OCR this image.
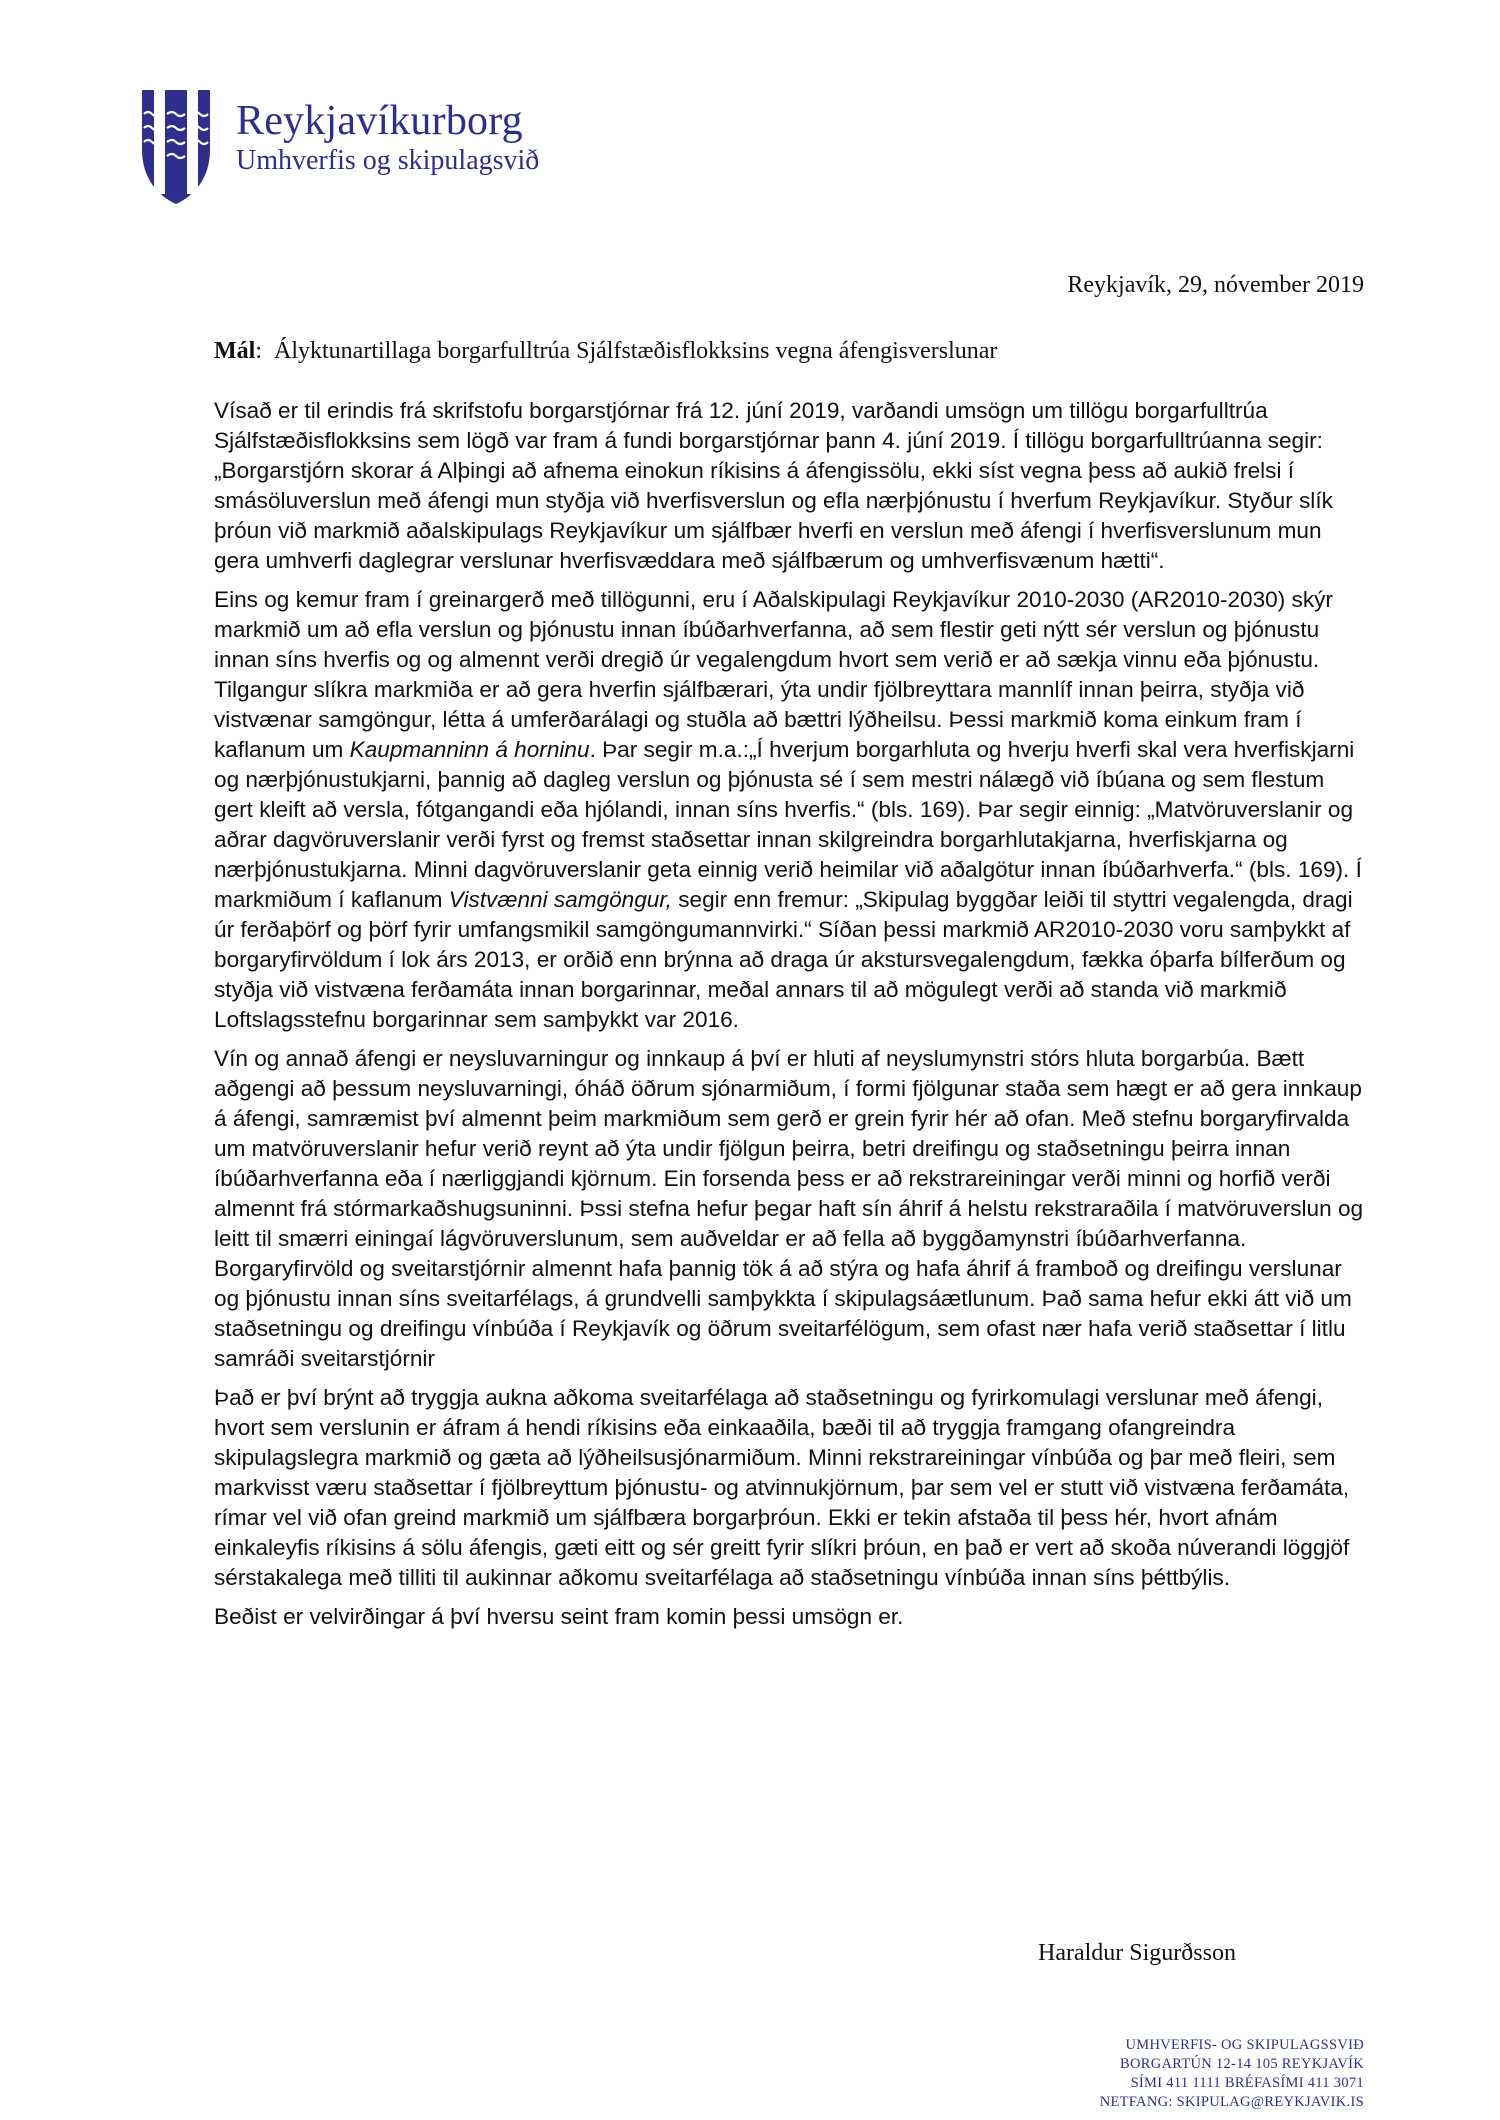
Reykjavíkurborg
Umhverfis og skipulagsvið
Reykjavík, 29, nóvember 2019
Mál: Ályktunartillaga borgarfulltrúa Sjálfstæðisflokksins vegna áfengisverslunar

Vísað er til erindis frá skrifstofu borgarstjórnar frá 12. júní 2019, varðandi umsögn um tillögu borgarfulltrúa Sjálfstæðisflokksins sem lögð var fram á fundi borgarstjórnar þann 4. júní 2019. Í tillögu borgarfulltrúanna segir: „Borgarstjórn skorar á Alþingi að afnema einokun ríkisins á áfengissölu, ekki síst vegna þess að aukið frelsi í smásöluverslun með áfengi mun styðja við hverfisverslun og efla nærþjónustu í hverfum Reykjavíkur. Styður slík þróun við markmið aðalskipulags Reykjavíkur um sjálfbær hverfi en verslun með áfengi í hverfisverslunum mun gera umhverfi daglegrar verslunar hverfisvæddara með sjálfbærum og umhverfisvænum hætti“.

Eins og kemur fram í greinargerð með tillögunni, eru í Aðalskipulagi Reykjavíkur 2010-2030 (AR2010-2030) skýr markmið um að efla verslun og þjónustu innan íbúðarhverfanna, að sem flestir geti nýtt sér verslun og þjónustu innan síns hverfis og og almennt verði dregið úr vegalengdum hvort sem verið er að sækja vinnu eða þjónustu. Tilgangur slíkra markmiða er að gera hverfin sjálfbærari, ýta undir fjölbreyttara mannlíf innan þeirra, styðja við vistvænar samgöngur, létta á umferðarálagi og stuðla að bættri lýðheilsu. Þessi markmið koma einkum fram í kaflanum um Kaupmanninn á horninu. Þar segir m.a.:„Í hverjum borgarhluta og hverju hverfi skal vera hverfiskjarni og nærþjónustukjarni, þannig að dagleg verslun og þjónusta sé í sem mestri nálægð við íbúana og sem flestum gert kleift að versla, fótgangandi eða hjólandi, innan síns hverfis.“ (bls. 169). Þar segir einnig: „Matvöruverslanir og aðrar dagvöruverslanir verði fyrst og fremst staðsettar innan skilgreindra borgarhlutakjarna, hverfiskjarna og nærþjónustukjarna. Minni dagvöruverslanir geta einnig verið heimilar við aðalgötur innan íbúðarhverfa.“ (bls. 169). Í markmiðum í kaflanum Vistvænni samgöngur, segir enn fremur: „Skipulag byggðar leiði til styttri vegalengda, dragi úr ferðaþörf og þörf fyrir umfangsmikil samgöngumannvirki.“ Síðan þessi markmið AR2010-2030 voru samþykkt af borgaryfirvöldum í lok árs 2013, er orðið enn brýnna að draga úr akstursvegalengdum, fækka óþarfa bílferðum og styðja við vistvæna ferðamáta innan borgarinnar, meðal annars til að mögulegt verði að standa við markmið Loftslagsstefnu borgarinnar sem samþykkt var 2016.

Vín og annað áfengi er neysluvarningur og innkaup á því er hluti af neyslumynstri stórs hluta borgarbúa. Bætt aðgengi að þessum neysluvarningi, óháð öðrum sjónarmiðum, í formi fjölgunar staða sem hægt er að gera innkaup á áfengi, samræmist því almennt þeim markmiðum sem gerð er grein fyrir hér að ofan. Með stefnu borgaryfirvalda um matvöruverslanir hefur verið reynt að ýta undir fjölgun þeirra, betri dreifingu og staðsetningu þeirra innan íbúðarhverfanna eða í nærliggjandi kjörnum. Ein forsenda þess er að rekstrareiningar verði minni og horfið verði almennt frá stórmarkaðshugsuninni. Þssi stefna hefur þegar haft sín áhrif á helstu rekstraraðila í matvöruverslun og leitt til smærri einingaí lágvöruverslunum, sem auðveldar er að fella að byggðamynstri íbúðarhverfanna. Borgaryfirvöld og sveitarstjórnir almennt hafa þannig tök á að stýra og hafa áhrif á framboð og dreifingu verslunar og þjónustu innan síns sveitarfélags, á grundvelli samþykkta í skipulagsáætlunum. Það sama hefur ekki átt við um staðsetningu og dreifingu vínbúða í Reykjavík og öðrum sveitarfélögum, sem ofast nær hafa verið staðsettar í litlu samráði sveitarstjórnir

Það er því brýnt að tryggja aukna aðkoma sveitarfélaga að staðsetningu og fyrirkomulagi verslunar með áfengi, hvort sem verslunin er áfram á hendi ríkisins eða einkaaðila, bæði til að tryggja framgang ofangreindra skipulagslegra markmið og gæta að lýðheilsusjónarmiðum. Minni rekstrareiningar vínbúða og þar með fleiri, sem markvisst væru staðsettar í fjölbreyttum þjónustu- og atvinnukjörnum, þar sem vel er stutt við vistvæna ferðamáta, rímar vel við ofan greind markmið um sjálfbæra borgarþróun. Ekki er tekin afstaða til þess hér, hvort afnám einkaleyfis ríkisins á sölu áfengis, gæti eitt og sér greitt fyrir slíkri þróun, en það er vert að skoða núverandi löggjöf sérstakalega með tilliti til aukinnar aðkomu sveitarfélaga að staðsetningu vínbúða innan síns þéttbýlis.

Beðist er velvirðingar á því hversu seint fram komin þessi umsögn er.

Haraldur Sigurðsson
UMHVERFIS- OG SKIPULAGSSVIÐ
BORGARTÚN 12-14 105 REYKJAVÍK
SÍMI 411 1111 BRÉFASÍMI 411 3071
NETFANG: SKIPULAG@REYKJAVIK.IS
